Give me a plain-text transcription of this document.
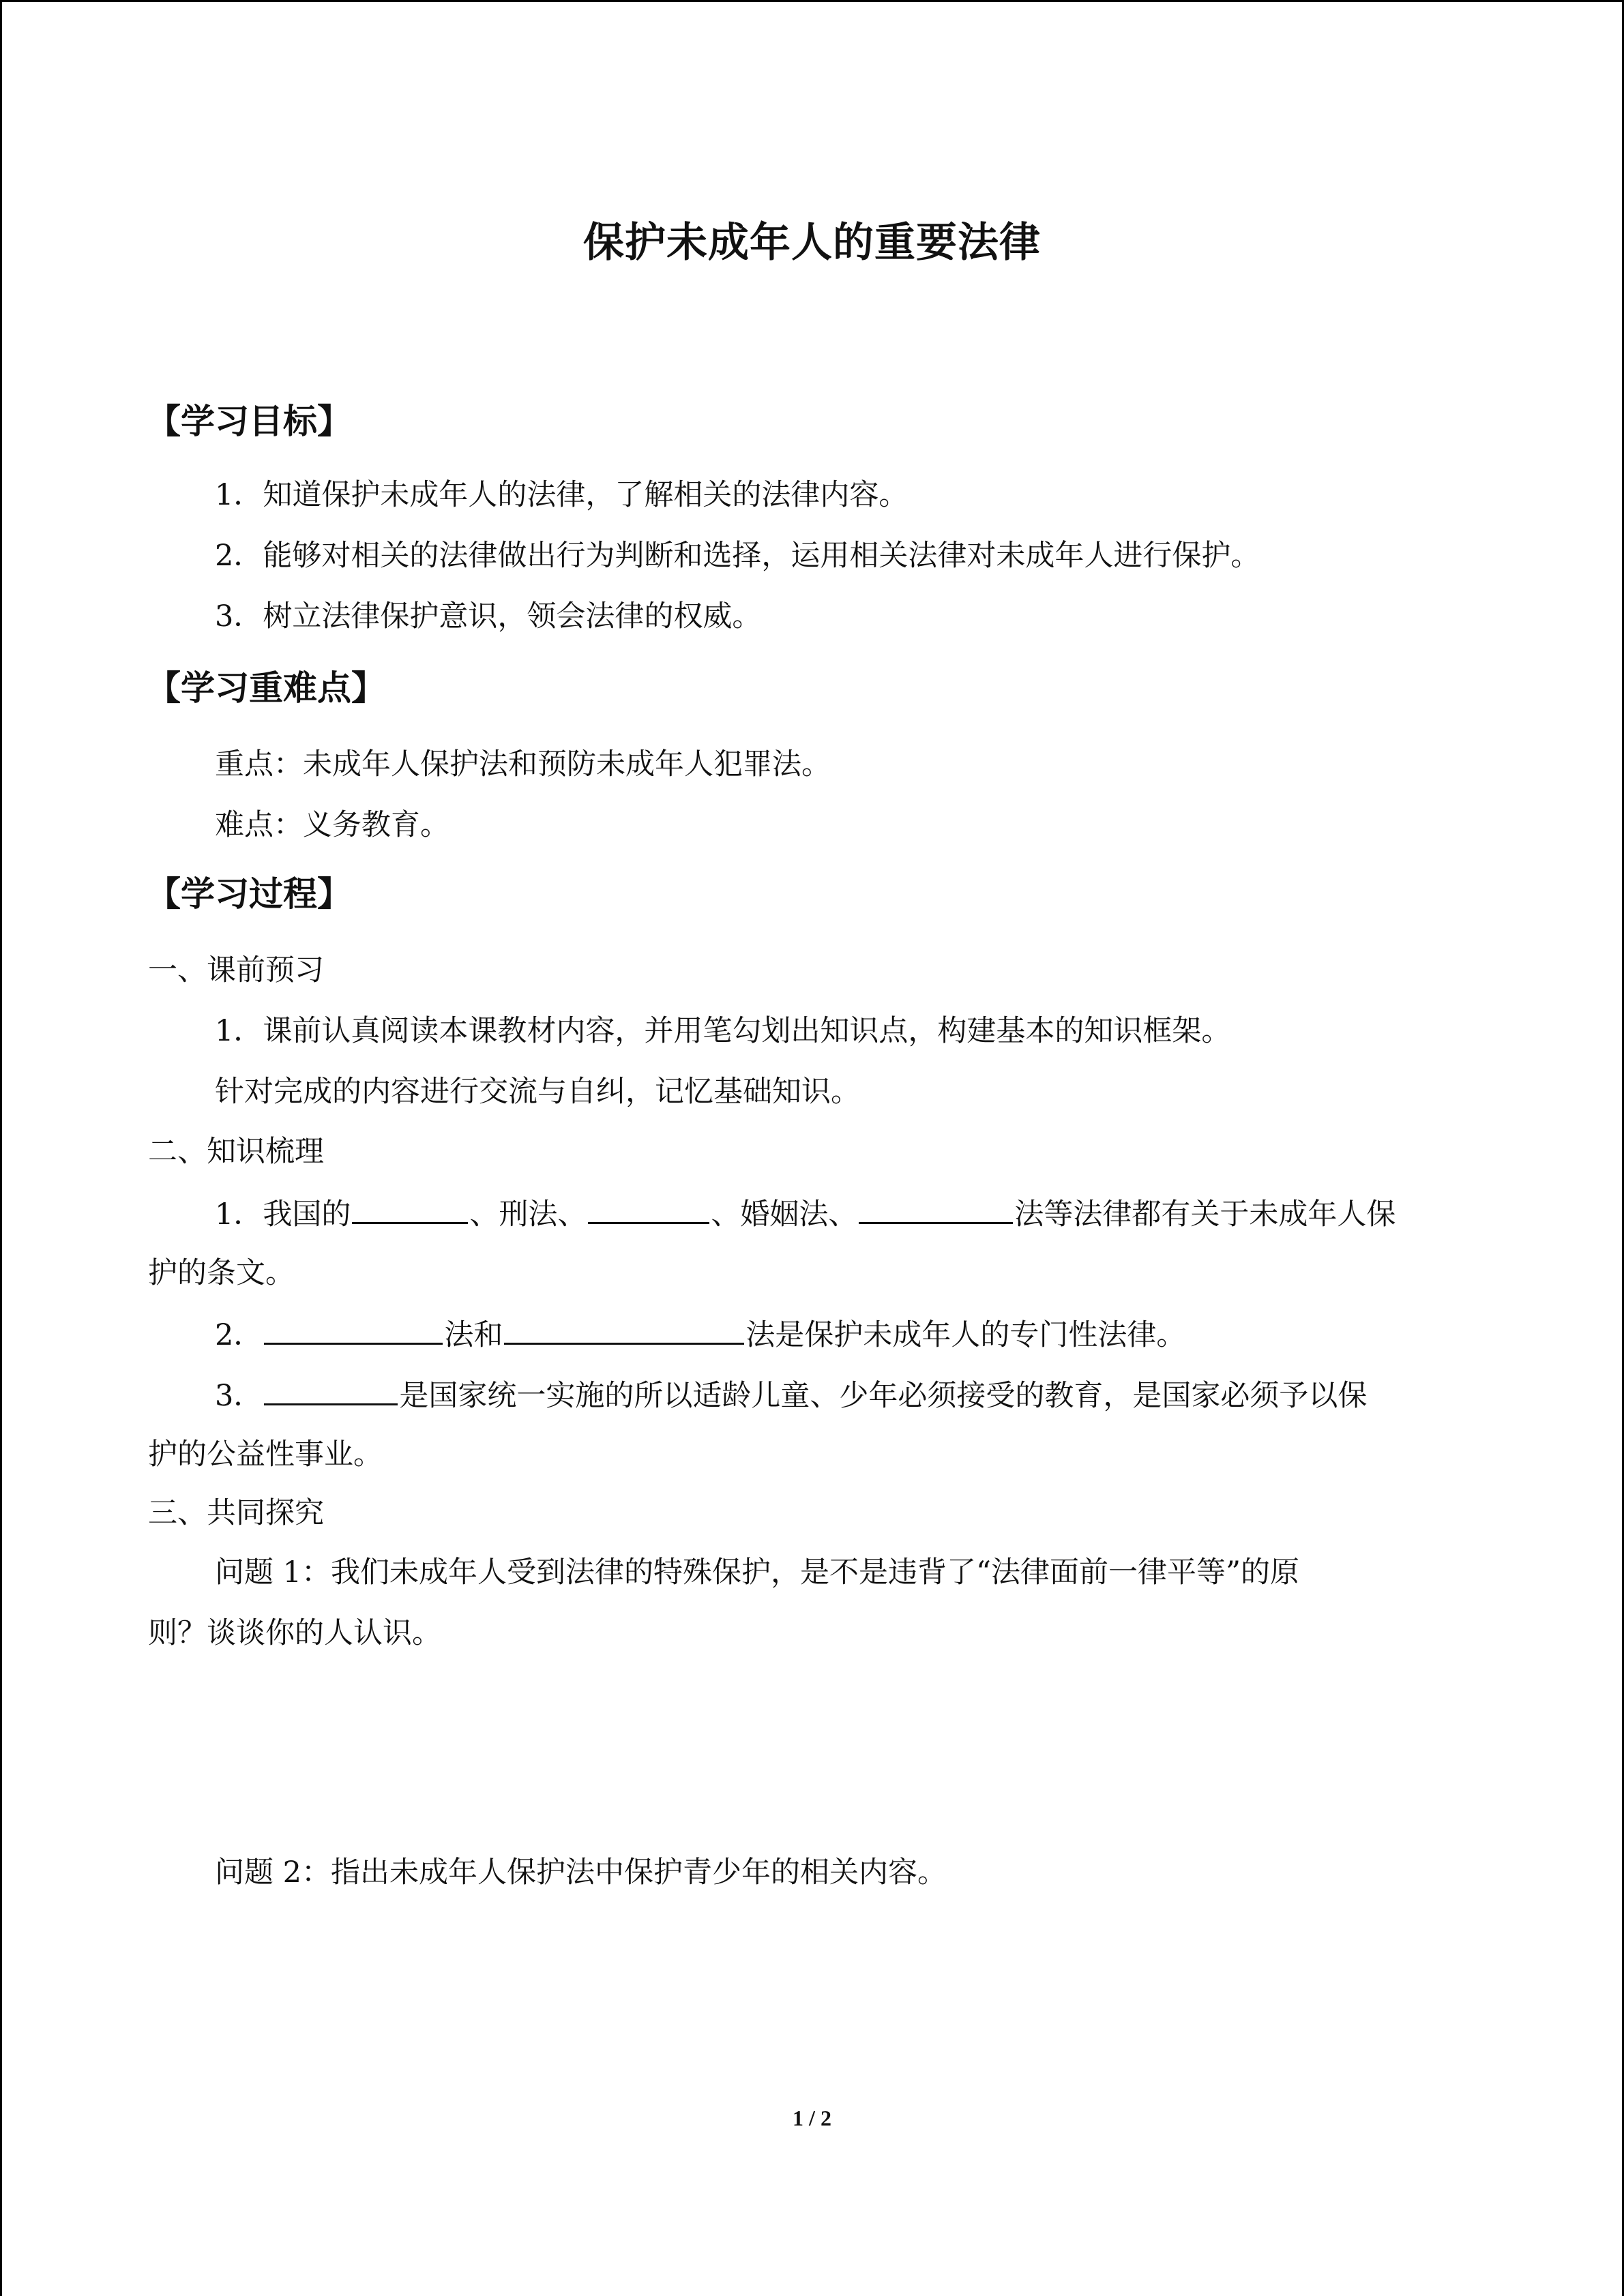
保护未成年人的重要法律
【学习目标】
1．知道保护未成年人的法律，了解相关的法律内容。
2．能够对相关的法律做出行为判断和选择，运用相关法律对未成年人进行保护。
3．树立法律保护意识，领会法律的权威。
【学习重难点】
重点：未成年人保护法和预防未成年人犯罪法。
难点：义务教育。
【学习过程】
一、课前预习
1．课前认真阅读本课教材内容，并用笔勾划出知识点，构建基本的知识框架。
针对完成的内容进行交流与自纠，记忆基础知识。
二、知识梳理
1．我国的	、刑法、	、婚姻法、	法等法律都有关于未成年人保
护的条文。
2．	法和	法是保护未成年人的专门性法律。
3．	是国家统一实施的所以适龄儿童、少年必须接受的教育，是国家必须予以保
护的公益性事业。
三、共同探究
问题 1：我们未成年人受到法律的特殊保护，是不是违背了“法律面前一律平等”的原
则？谈谈你的人认识。
问题 2：指出未成年人保护法中保护青少年的相关内容。
1 / 2
